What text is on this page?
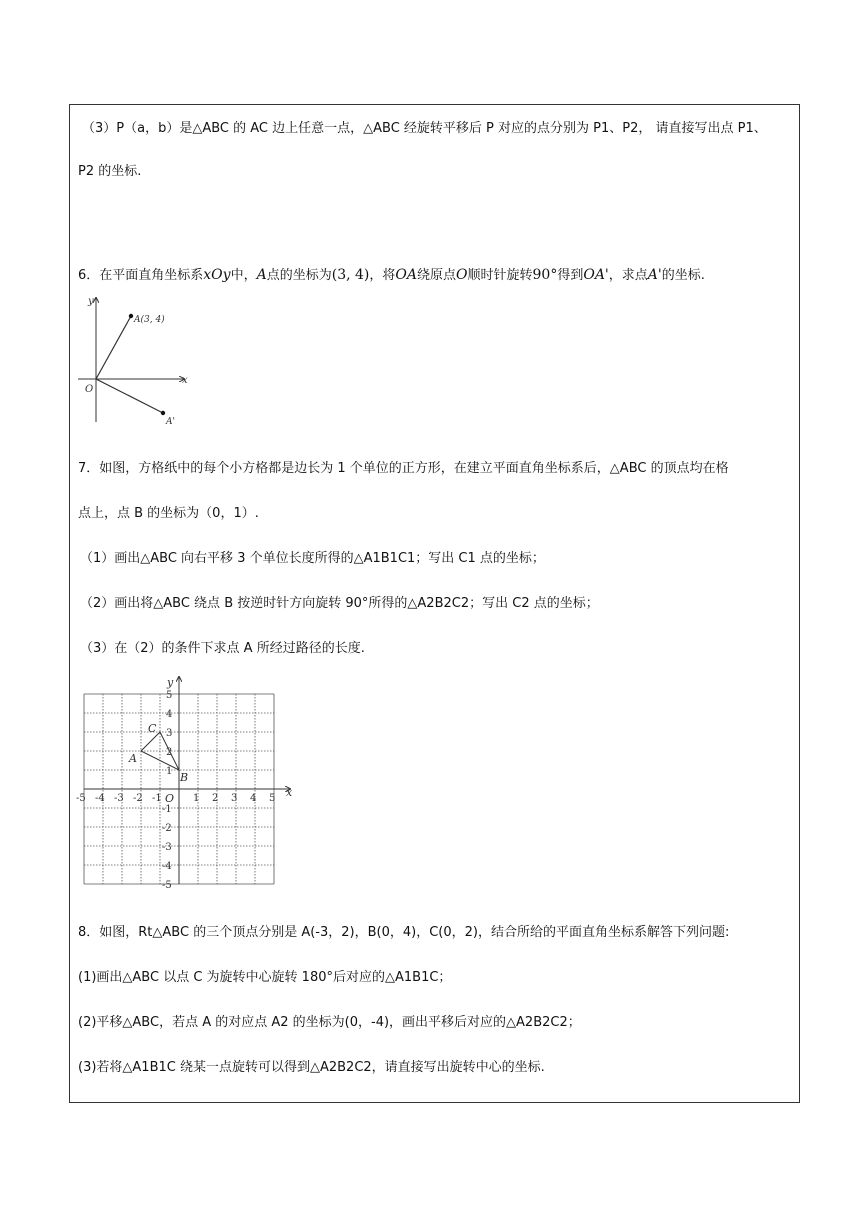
（3）P（a，b）是△ABC 的 AC 边上任意一点，△ABC 经旋转平移后 P 对应的点分别为 P1、P2， 请直接写出点 P1、
P2 的坐标.
6．在平面直角坐标系xOy中，A点的坐标为(3, 4)，将OA绕原点O顺时针旋转90°得到OA'，求点A'的坐标.
y
x
O
A(3, 4)
A'
7．如图，方格纸中的每个小方格都是边长为 1 个单位的正方形，在建立平面直角坐标系后，△ABC 的顶点均在格
点上，点 B 的坐标为（0，1）.
（1）画出△ABC 向右平移 3 个单位长度所得的△A1B1C1；写出 C1 点的坐标；
（2）画出将△ABC 绕点 B 按逆时针方向旋转 90°所得的△A2B2C2；写出 C2 点的坐标；
（3）在（2）的条件下求点 A 所经过路径的长度.
x
y
O
A
B
C
-5 -4 -3 -2 -1	1 2 3 4 5
1
2
3
4
5
-1
-2
-3
-4
-5
8．如图，Rt△ABC 的三个顶点分别是 A(-3，2)，B(0，4)，C(0，2)，结合所给的平面直角坐标系解答下列问题:
(1)画出△ABC 以点 C 为旋转中心旋转 180°后对应的△A1B1C；
(2)平移△ABC，若点 A 的对应点 A2 的坐标为(0，-4)，画出平移后对应的△A2B2C2；
(3)若将△A1B1C 绕某一点旋转可以得到△A2B2C2，请直接写出旋转中心的坐标.
